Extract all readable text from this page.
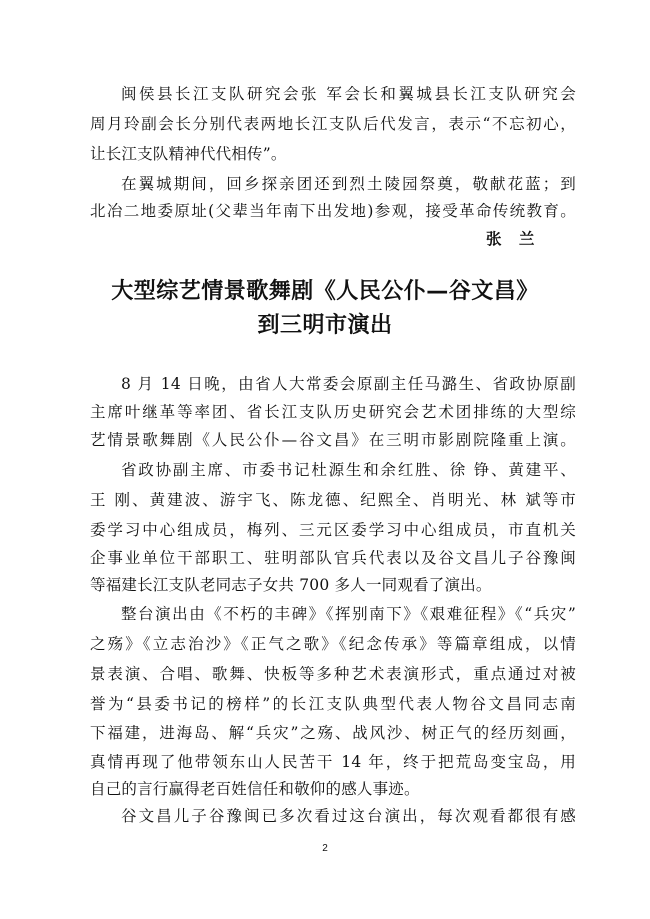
闽侯县长江支队研究会张 军会长和翼城县长江支队研究会
周月玲副会长分别代表两地长江支队后代发言，表示“不忘初心，
让长江支队精神代代相传”。
在翼城期间，回乡探亲团还到烈土陵园祭奠，敬献花蓝；到
北冶二地委原址(父辈当年南下出发地)参观，接受革命传统教育。
张 兰
大型综艺情景歌舞剧《人民公仆—谷文昌》
到三明市演出
8 月 14 日晚，由省人大常委会原副主任马潞生、省政协原副
主席叶继革等率团、省长江支队历史研究会艺术团排练的大型综
艺情景歌舞剧《人民公仆—谷文昌》在三明市影剧院隆重上演。
省政协副主席、市委书记杜源生和余红胜、徐 铮、黄建平、
王 刚、黄建波、游宇飞、陈龙德、纪熙全、肖明光、林 斌等市
委学习中心组成员，梅列、三元区委学习中心组成员，市直机关
企事业单位干部职工、驻明部队官兵代表以及谷文昌儿子谷豫闽
等福建长江支队老同志子女共 700 多人一同观看了演出。
整台演出由《不朽的丰碑》《挥别南下》《艰难征程》《“兵灾”
之殇》《立志治沙》《正气之歌》《纪念传承》等篇章组成，以情
景表演、合唱、歌舞、快板等多种艺术表演形式，重点通过对被
誉为“县委书记的榜样”的长江支队典型代表人物谷文昌同志南
下福建，进海岛、解“兵灾”之殇、战风沙、树正气的经历刻画，
真情再现了他带领东山人民苦干 14 年，终于把荒岛变宝岛，用
自己的言行赢得老百姓信任和敬仰的感人事迹。
谷文昌儿子谷豫闽已多次看过这台演出，每次观看都很有感
2
